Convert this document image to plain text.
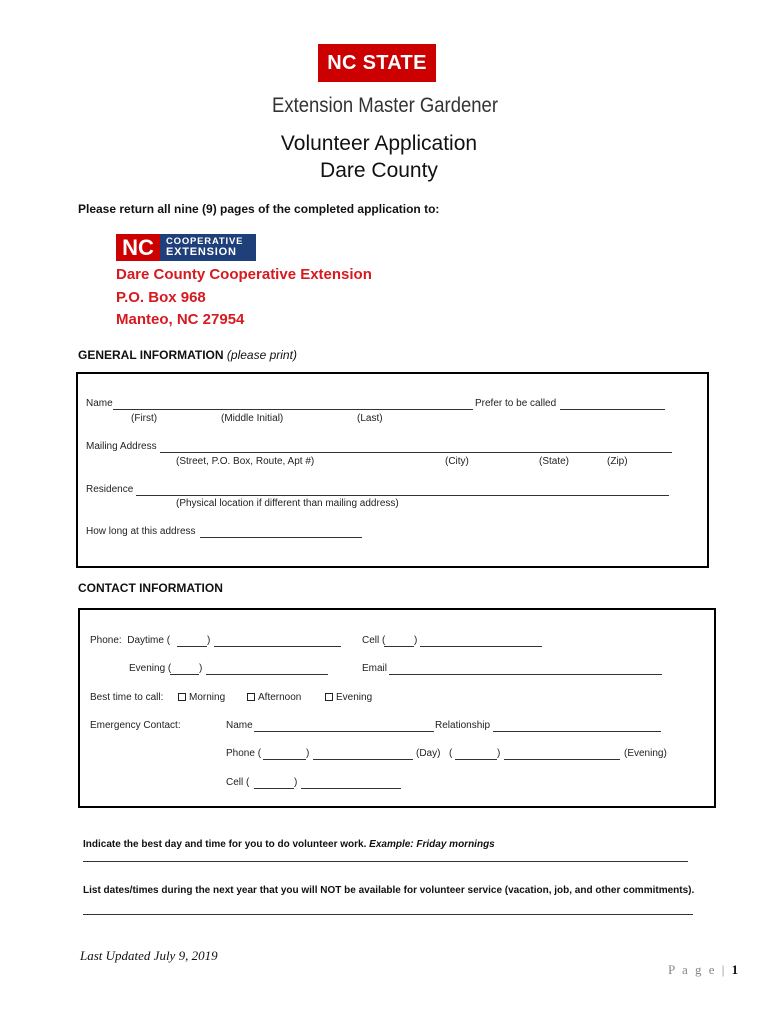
NC STATE
Extension Master Gardener
Volunteer Application
Dare County
Please return all nine (9) pages of the completed application to:
NC	COOPERATIVE
EXTENSION
Dare County Cooperative Extension
P.O. Box 968
Manteo, NC 27954
GENERAL INFORMATION (please print)
Name	Prefer to be called
(First)	(Middle Initial)	(Last)
Mailing Address
(Street, P.O. Box, Route, Apt #)	(City)	(State)	(Zip)
Residence
(Physical location if different than mailing address)
How long at this address
CONTACT INFORMATION
Phone:  Daytime (	)	Cell (	)
Evening (	)	Email
Best time to call:	Morning	Afternoon	Evening
Emergency Contact:	Name	Relationship
Phone (	)	(Day) (	)	(Evening)
Cell (	)
Indicate the best day and time for you to do volunteer work. Example: Friday mornings
List dates/times during the next year that you will NOT be available for volunteer service (vacation, job, and other commitments).
Last Updated July 9, 2019
P a g e | 1
